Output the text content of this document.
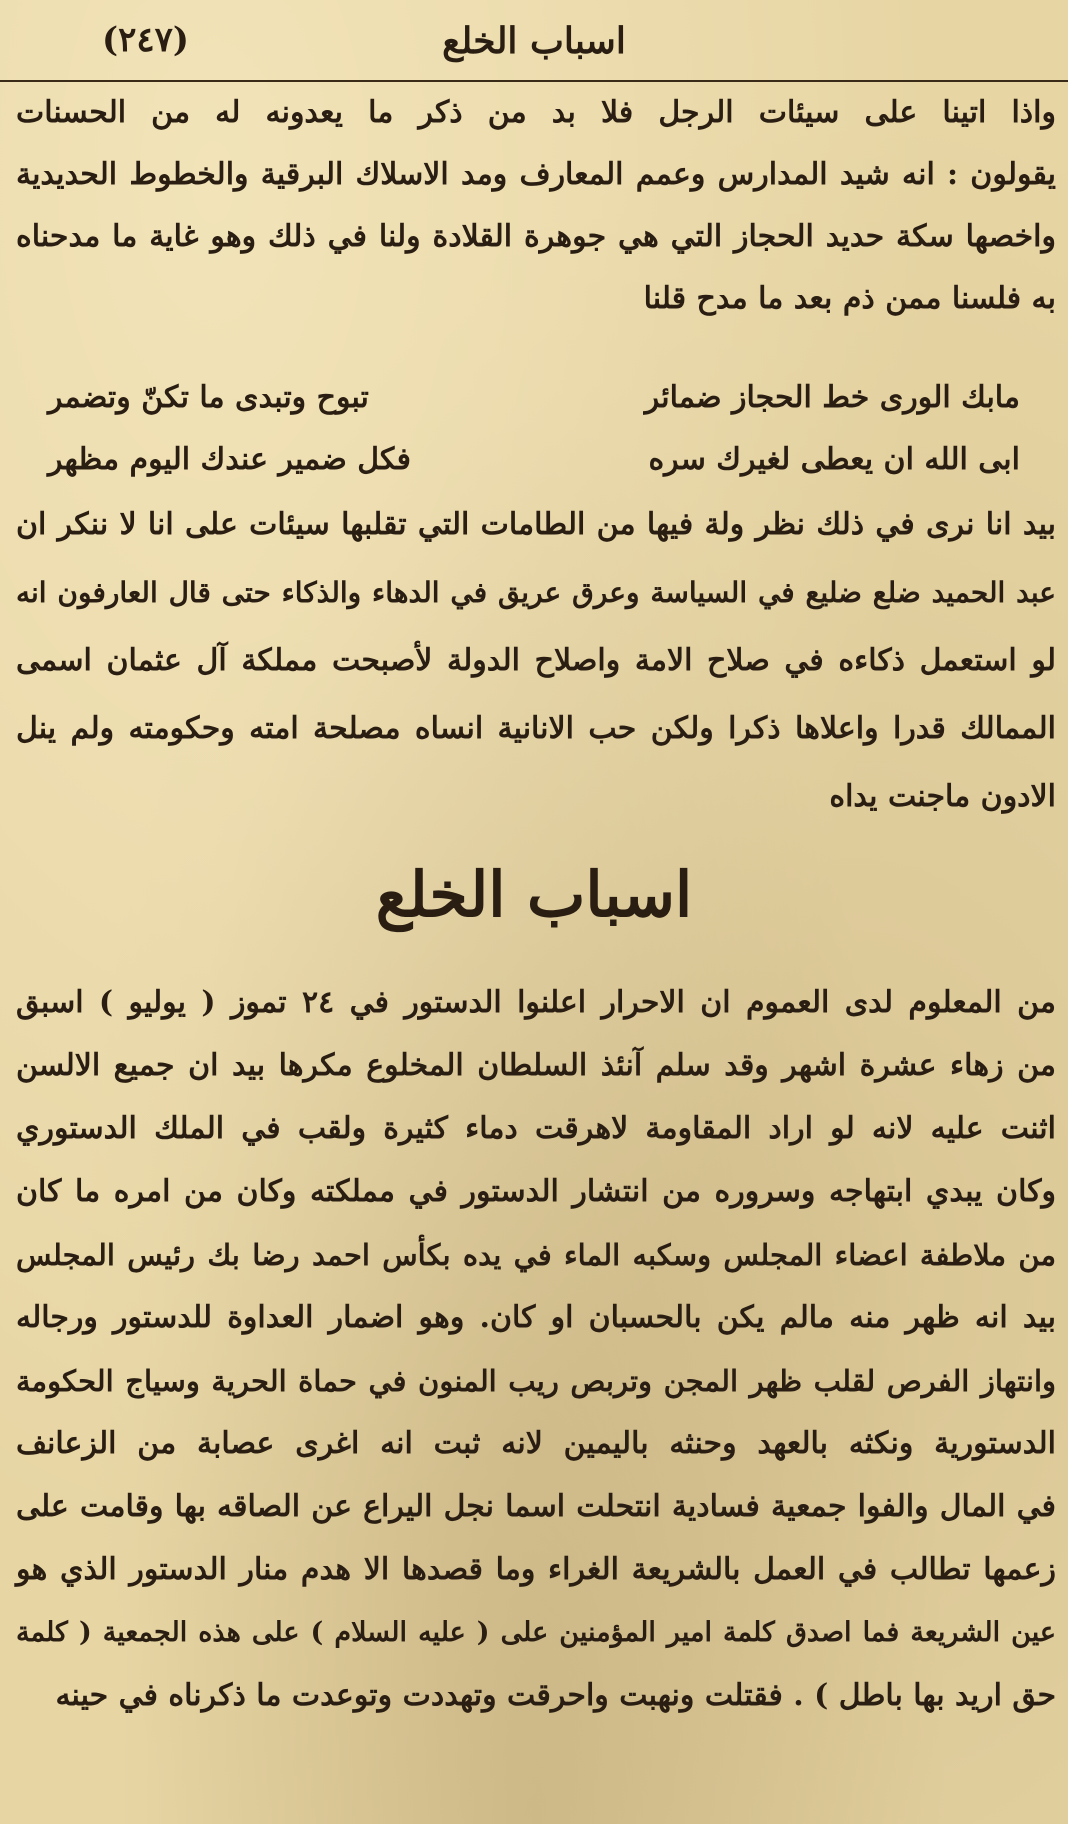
اسباب الخلع
(٢٤٧)
واذا اتينا على سيئات الرجل فلا بد من ذكر ما يعدونه له من الحسنات
يقولون : انه شيد المدارس وعمم المعارف ومد الاسلاك البرقية والخطوط الحديدية
واخصها سكة حديد الحجاز التي هي جوهرة القلادة ولنا في ذلك وهو غاية ما مدحناه
به فلسنا ممن ذم بعد ما مدح قلنا
مابك الورى خط الحجاز ضمائر
تبوح وتبدى ما تكنّ وتضمر
ابى الله ان يعطى لغيرك سره
فكل ضمير عندك اليوم مظهر
بيد انا نرى في ذلك نظر ولة فيها من الطامات التي تقلبها سيئات على انا لا ننكر ان
عبد الحميد ضلع ضليع في السياسة وعرق عريق في الدهاء والذكاء حتى قال العارفون انه
لو استعمل ذكاءه في صلاح الامة واصلاح الدولة لأصبحت مملكة آل عثمان اسمى
الممالك قدرا واعلاها ذكرا ولكن حب الانانية انساه مصلحة امته وحكومته ولم ينل
الادون ماجنت يداه
اسباب الخلع
من المعلوم لدى العموم ان الاحرار اعلنوا الدستور في ٢٤ تموز ( يوليو ) اسبق
من زهاء عشرة اشهر وقد سلم آنئذ السلطان المخلوع مكرها بيد ان جميع الالسن
اثنت عليه لانه لو اراد المقاومة لاهرقت دماء كثيرة ولقب في الملك الدستوري
وكان يبدي ابتهاجه وسروره من انتشار الدستور في مملكته وكان من امره ما كان
من ملاطفة اعضاء المجلس وسكبه الماء في يده بكأس احمد رضا بك رئيس المجلس
بيد انه ظهر منه مالم يكن بالحسبان او كان. وهو اضمار العداوة للدستور ورجاله
وانتهاز الفرص لقلب ظهر المجن وتربص ريب المنون في حماة الحرية وسياج الحكومة
الدستورية ونكثه بالعهد وحنثه باليمين لانه ثبت انه اغرى عصابة من الزعانف
في المال والفوا جمعية فسادية انتحلت اسما نجل اليراع عن الصاقه بها وقامت على
زعمها تطالب في العمل بالشريعة الغراء وما قصدها الا هدم منار الدستور الذي هو
عين الشريعة فما اصدق كلمة امير المؤمنين على ( عليه السلام ) على هذه الجمعية ( كلمة
حق اريد بها باطل ) . فقتلت ونهبت واحرقت وتهددت وتوعدت ما ذكرناه في حينه
